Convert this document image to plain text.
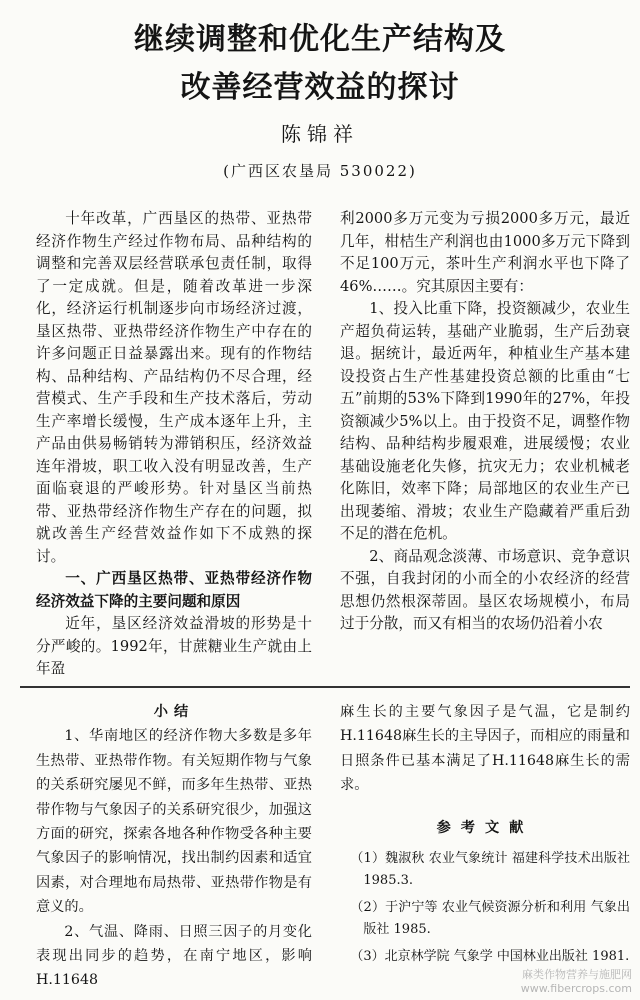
继续调整和优化生产结构及
改善经营效益的探讨
陈锦祥
(广西区农垦局 530022)

十年改革，广西垦区的热带、亚热带经济作物生产经过作物布局、品种结构的调整和完善双层经营联承包责任制，取得了一定成就。但是，随着改革进一步深化，经济运行机制逐步向市场经济过渡，垦区热带、亚热带经济作物生产中存在的许多问题正日益暴露出来。现有的作物结构、品种结构、产品结构仍不尽合理，经营模式、生产手段和生产技术落后，劳动生产率增长缓慢，生产成本逐年上升，主产品由供易畅销转为滞销积压，经济效益连年滑坡，职工收入没有明显改善，生产面临衰退的严峻形势。针对垦区当前热带、亚热带经济作物生产存在的问题，拟就改善生产经营效益作如下不成熟的探讨。

一、广西垦区热带、亚热带经济作物经济效益下降的主要问题和原因

近年，垦区经济效益滑坡的形势是十分严峻的。1992年，甘蔗糖业生产就由上年盈

利2000多万元变为亏损2000多万元，最近几年，柑桔生产利润也由1000多万元下降到不足100万元，茶叶生产利润水平也下降了46%……。究其原因主要有：

1、投入比重下降，投资额减少，农业生产超负荷运转，基础产业脆弱，生产后劲衰退。据统计，最近两年，种植业生产基本建设投资占生产性基建投资总额的比重由“七五”前期的53%下降到1990年的27%，年投资额减少5%以上。由于投资不足，调整作物结构、品种结构步履艰难，进展缓慢；农业基础设施老化失修，抗灾无力；农业机械老化陈旧，效率下降；局部地区的农业生产已出现萎缩、滑坡；农业生产隐藏着严重后劲不足的潜在危机。

2、商品观念淡薄、市场意识、竞争意识不强，自我封闭的小而全的小农经济的经营思想仍然根深蒂固。垦区农场规模小，布局过于分散，而又有相当的农场仍沿着小农

小结

1、华南地区的经济作物大多数是多年生热带、亚热带作物。有关短期作物与气象的关系研究屡见不鲜，而多年生热带、亚热带作物与气象因子的关系研究很少，加强这方面的研究，探索各地各种作物受各种主要气象因子的影响情况，找出制约因素和适宜因素，对合理地布局热带、亚热带作物是有意义的。

2、气温、降雨、日照三因子的月变化表现出同步的趋势，在南宁地区，影响H.11648

麻生长的主要气象因子是气温，它是制约H.11648麻生长的主导因子，而相应的雨量和日照条件已基本满足了H.11648麻生长的需求。

参考文献

（1）魏淑秋 农业气象统计 福建科学技术出版社 1985.3.

（2）于沪宁等 农业气候资源分析和利用 气象出版社 1985.

（3）北京林学院 气象学 中国林业出版社 1981.

麻类作物营养与施肥网
www.fibercrops.com
